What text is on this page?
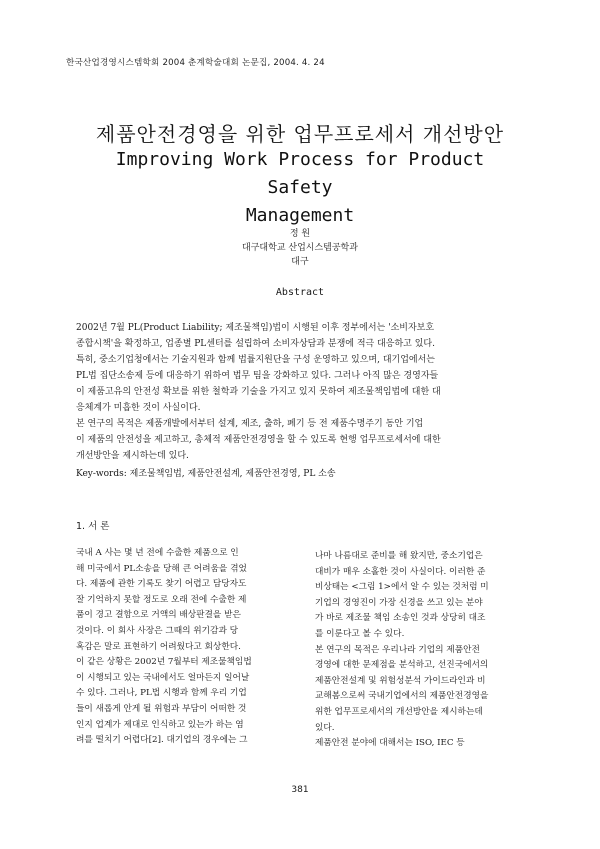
한국산업경영시스템학회 2004 춘계학술대회 논문집, 2004. 4. 24
제품안전경영을 위한 업무프로세서 개선방안
Improving Work Process for Product Safety
Management
정 원
대구대학교 산업시스템공학과
대구
Abstract
2002년 7월 PL(Product Liability; 제조물책임)법이 시행된 이후 정부에서는 '소비자보호
종합시책'을 확정하고, 업종별 PL센터를 설립하여 소비자상담과 분쟁에 적극 대응하고 있다.
특히, 중소기업청에서는 기술지원과 함께 법률지원단을 구성 운영하고 있으며, 대기업에서는
PL법 집단소송제 등에 대응하기 위하여 법무 팀을 강화하고 있다. 그러나 아직 많은 경영자들
이 제품고유의 안전성 확보를 위한 철학과 기술을 가지고 있지 못하여 제조물책임법에 대한 대
응체계가 미흡한 것이 사실이다.
본 연구의 목적은 제품개발에서부터 설계, 제조, 출하, 폐기 등 전 제품수명주기 동안 기업
이 제품의 안전성을 제고하고, 총체적 제품안전경영을 할 수 있도록 현행 업무프로세서에 대한
개선방안을 제시하는데 있다.
Key-words: 제조물책임법, 제품안전설계, 제품안전경영, PL 소송
1. 서 론
국내 A 사는 몇 년 전에 수출한 제품으로 인
해 미국에서 PL소송을 당해 큰 어려움을 겪었
다. 제품에 관한 기록도 찾기 어렵고 담당자도
잘 기억하지 못할 정도로 오래 전에 수출한 제
품이 경고 결함으로 거액의 배상판결을 받은
것이다. 이 회사 사장은 그때의 위기감과 당
혹감은 말로 표현하기 어려웠다고 회상한다.
이 같은 상황은 2002년 7월부터 제조물책임법
이 시행되고 있는 국내에서도 얼마든지 일어날
수 있다. 그러나, PL법 시행과 함께 우리 기업
들이 새롭게 안게 될 위험과 부담이 어떠한 것
인지 업계가 제대로 인식하고 있는가 하는 염
려를 떨치기 어렵다[2]. 대기업의 경우에는 그
나마 나름대로 준비를 해 왔지만, 중소기업은
대비가 매우 소홀한 것이 사실이다. 이러한 준
비상태는 <그림 1>에서 알 수 있는 것처럼 미
기업의 경영진이 가장 신경을 쓰고 있는 분야
가 바로 제조물 책임 소송인 것과 상당히 대조
를 이룬다고 볼 수 있다.
본 연구의 목적은 우리나라 기업의 제품안전
경영에 대한 문제점을 분석하고, 선진국에서의
제품안전설계 및 위험성분석 가이드라인과 비
교해봄으로써 국내기업에서의 제품안전경영을
위한 업무프로세서의 개선방안을 제시하는데
있다.
제품안전 분야에 대해서는 ISO, IEC 등
381
